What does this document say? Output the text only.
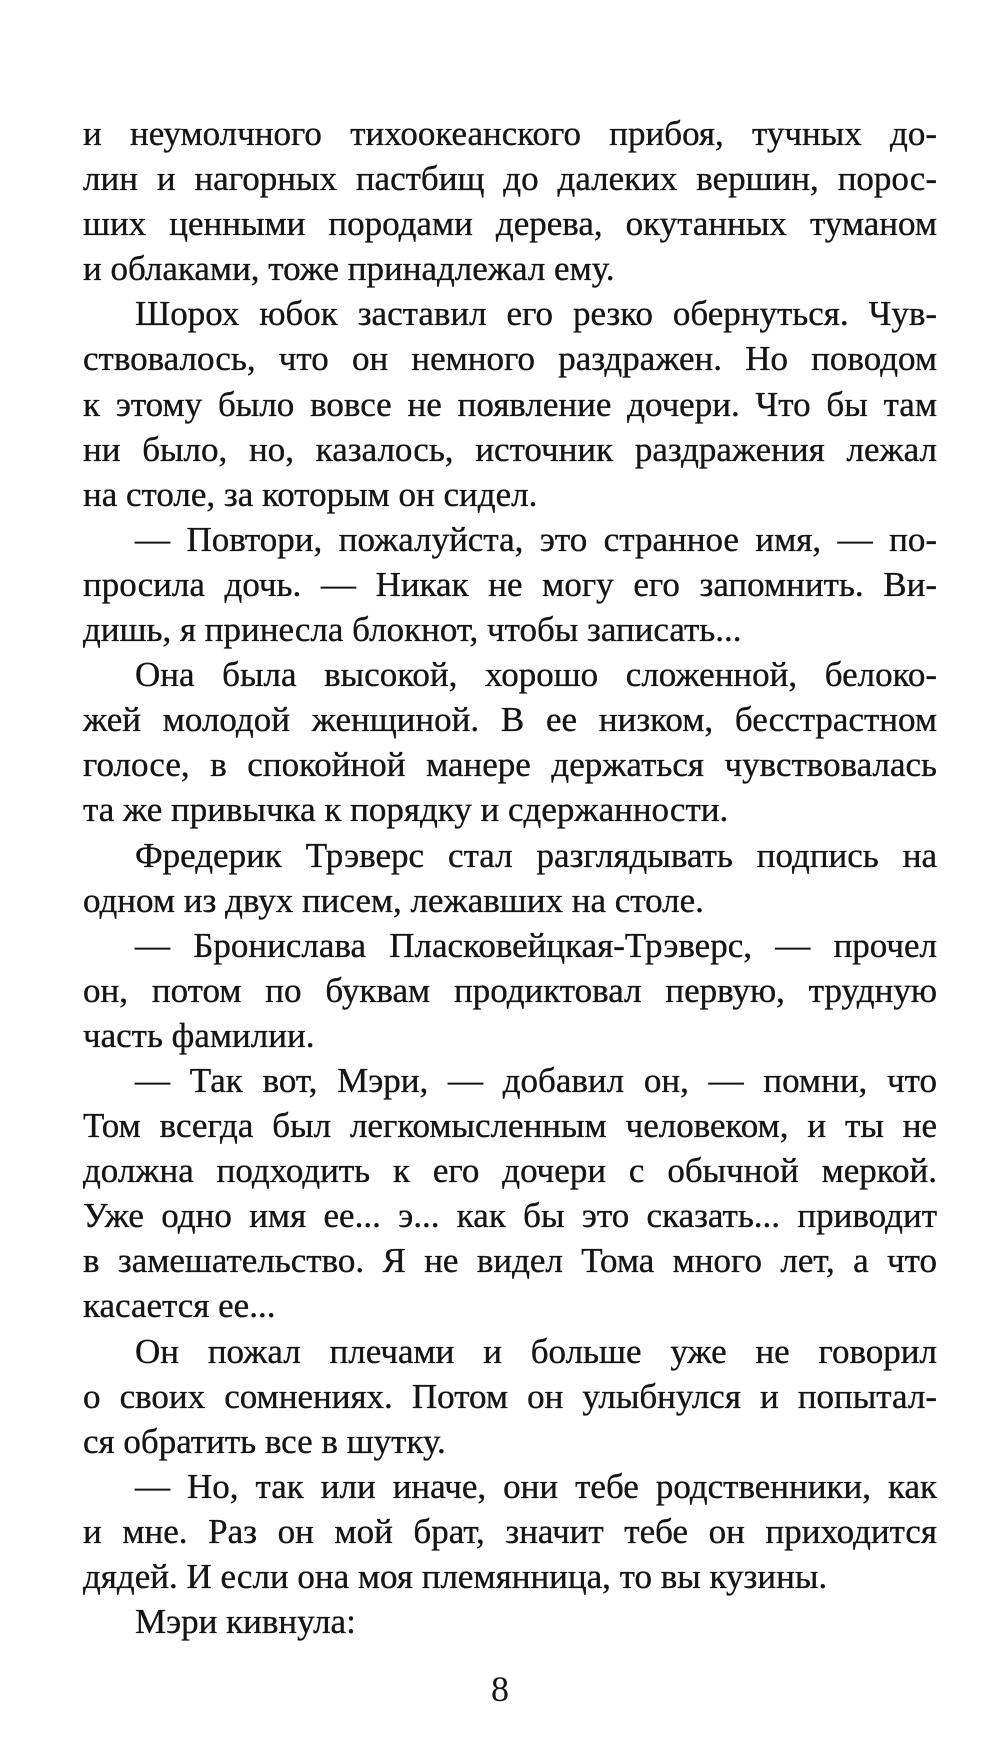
и неумолчного тихоокеанского прибоя, тучных до-
лин и нагорных пастбищ до далеких вершин, порос-
ших ценными породами дерева, окутанных туманом
и облаками, тоже принадлежал ему.
Шорох юбок заставил его резко обернуться. Чув-
ствовалось, что он немного раздражен. Но поводом
к этому было вовсе не появление дочери. Что бы там
ни было, но, казалось, источник раздражения лежал
на столе, за которым он сидел.
— Повтори, пожалуйста, это странное имя, — по-
просила дочь. — Никак не могу его запомнить. Ви-
дишь, я принесла блокнот, чтобы записать...
Она была высокой, хорошо сложенной, белоко-
жей молодой женщиной. В ее низком, бесстрастном
голосе, в спокойной манере держаться чувствовалась
та же привычка к порядку и сдержанности.
Фредерик Трэверс стал разглядывать подпись на
одном из двух писем, лежавших на столе.
— Бронислава Пласковейцкая-Трэверс, — прочел
он, потом по буквам продиктовал первую, трудную
часть фамилии.
— Так вот, Мэри, — добавил он, — помни, что
Том всегда был легкомысленным человеком, и ты не
должна подходить к его дочери с обычной меркой.
Уже одно имя ее... э... как бы это сказать... приводит
в замешательство. Я не видел Тома много лет, а что
касается ее...
Он пожал плечами и больше уже не говорил
о своих сомнениях. Потом он улыбнулся и попытал-
ся обратить все в шутку.
— Но, так или иначе, они тебе родственники, как
и мне. Раз он мой брат, значит тебе он приходится
дядей. И если она моя племянница, то вы кузины.
Мэри кивнула:
8
